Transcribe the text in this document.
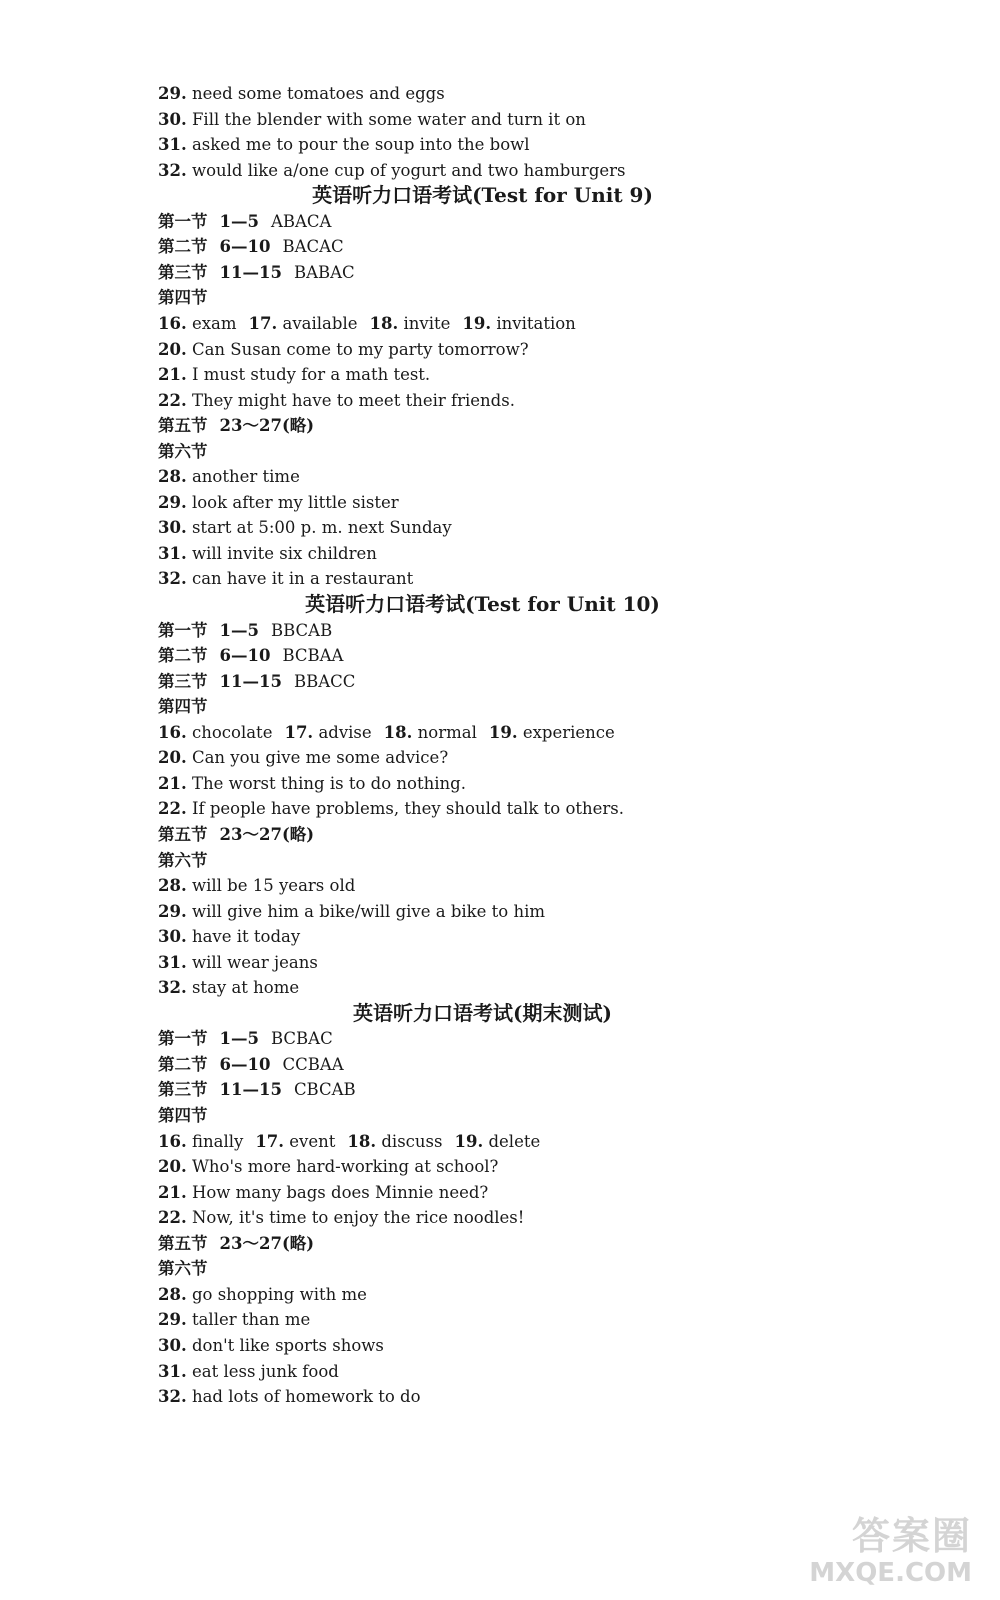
29. need some tomatoes and eggs
30. Fill the blender with some water and turn it on
31. asked me to pour the soup into the bowl
32. would like a/one cup of yogurt and two hamburgers
英语听力口语考试(Test for Unit 9)
第一节 1—5 ABACA
第二节 6—10 BACAC
第三节 11—15 BABAC
第四节
16. exam 17. available 18. invite 19. invitation
20. Can Susan come to my party tomorrow?
21. I must study for a math test.
22. They might have to meet their friends.
第五节 23～27(略)
第六节
28. another time
29. look after my little sister
30. start at 5:00 p. m. next Sunday
31. will invite six children
32. can have it in a restaurant
英语听力口语考试(Test for Unit 10)
第一节 1—5 BBCAB
第二节 6—10 BCBAA
第三节 11—15 BBACC
第四节
16. chocolate 17. advise 18. normal 19. experience
20. Can you give me some advice?
21. The worst thing is to do nothing.
22. If people have problems, they should talk to others.
第五节 23～27(略)
第六节
28. will be 15 years old
29. will give him a bike/will give a bike to him
30. have it today
31. will wear jeans
32. stay at home
英语听力口语考试(期末测试)
第一节 1—5 BCBAC
第二节 6—10 CCBAA
第三节 11—15 CBCAB
第四节
16. finally 17. event 18. discuss 19. delete
20. Who's more hard-working at school?
21. How many bags does Minnie need?
22. Now, it's time to enjoy the rice noodles!
第五节 23～27(略)
第六节
28. go shopping with me
29. taller than me
30. don't like sports shows
31. eat less junk food
32. had lots of homework to do
答案圈
MXQE.COM
